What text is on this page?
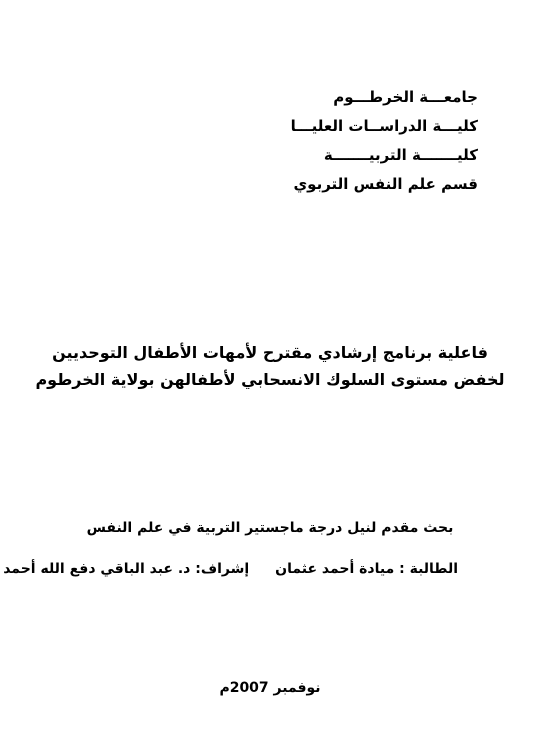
جامعـــة الخرطـــوم
كليـــة الدراســات العليـــا
كليـــــــة التربيـــــــة
قسم علم النفس التربوي
فاعلية برنامج إرشادي مقترح لأمهات الأطفال التوحديين
لخفض مستوى السلوك الانسحابي لأطفالهن بولاية الخرطوم
بحث مقدم لنيل درجة ماجستير التربية في علم النفس
الطالبة : ميادة أحمد عثمانإشراف: د. عبد الباقي دفع الله أحمد
نوفمبر 2007م
